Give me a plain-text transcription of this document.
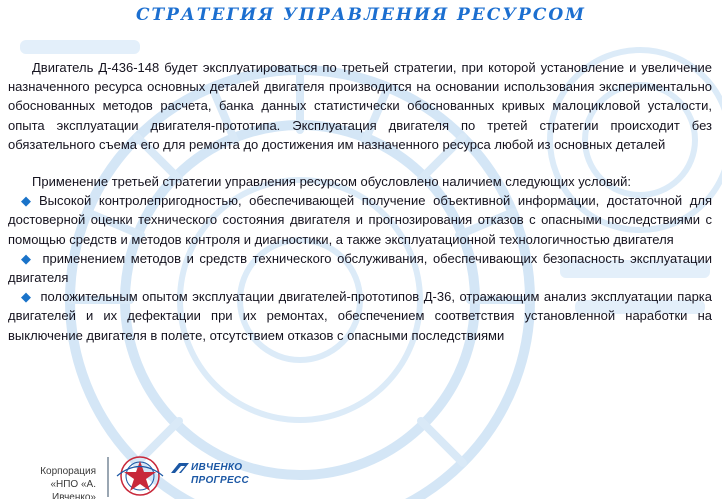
СТРАТЕГИЯ УПРАВЛЕНИЯ РЕСУРСОМ

Двигатель Д-436-148 будет эксплуатироваться по третьей стратегии, при которой установление и увеличение назначенного ресурса основных деталей двигателя производится на основании использования экспериментально обоснованных методов расчета, банка данных статистически обоснованных кривых малоцикловой усталости, опыта эксплуатации двигателя-прототипа. Эксплуатация двигателя по третей стратегии происходит без обязательного съема его для ремонта до достижения им назначенного ресурса любой из основных деталей

Применение третьей стратегии управления ресурсом обусловлено наличием следующих условий:

◆ Высокой контролепригодностью, обеспечивающей получение объективной информации, достаточной для достоверной оценки технического состояния двигателя и прогнозирования отказов с опасными последствиями с помощью средств и методов контроля и диагностики, а также эксплуатационной технологичностью двигателя

◆ применением методов и средств технического обслуживания, обеспечивающих безопасность эксплуатации двигателя

◆ положительным опытом эксплуатации двигателей-прототипов Д-36, отражающим анализ эксплуатации парка двигателей и их дефектации при их ремонтах, обеспечением соответствия установленной наработки на выключение двигателя в полете, отсутствием отказов с опасными последствиями

Корпорация
«НПО «А. Ивченко»
ИВЧЕНКО
ПРОГРЕСС
